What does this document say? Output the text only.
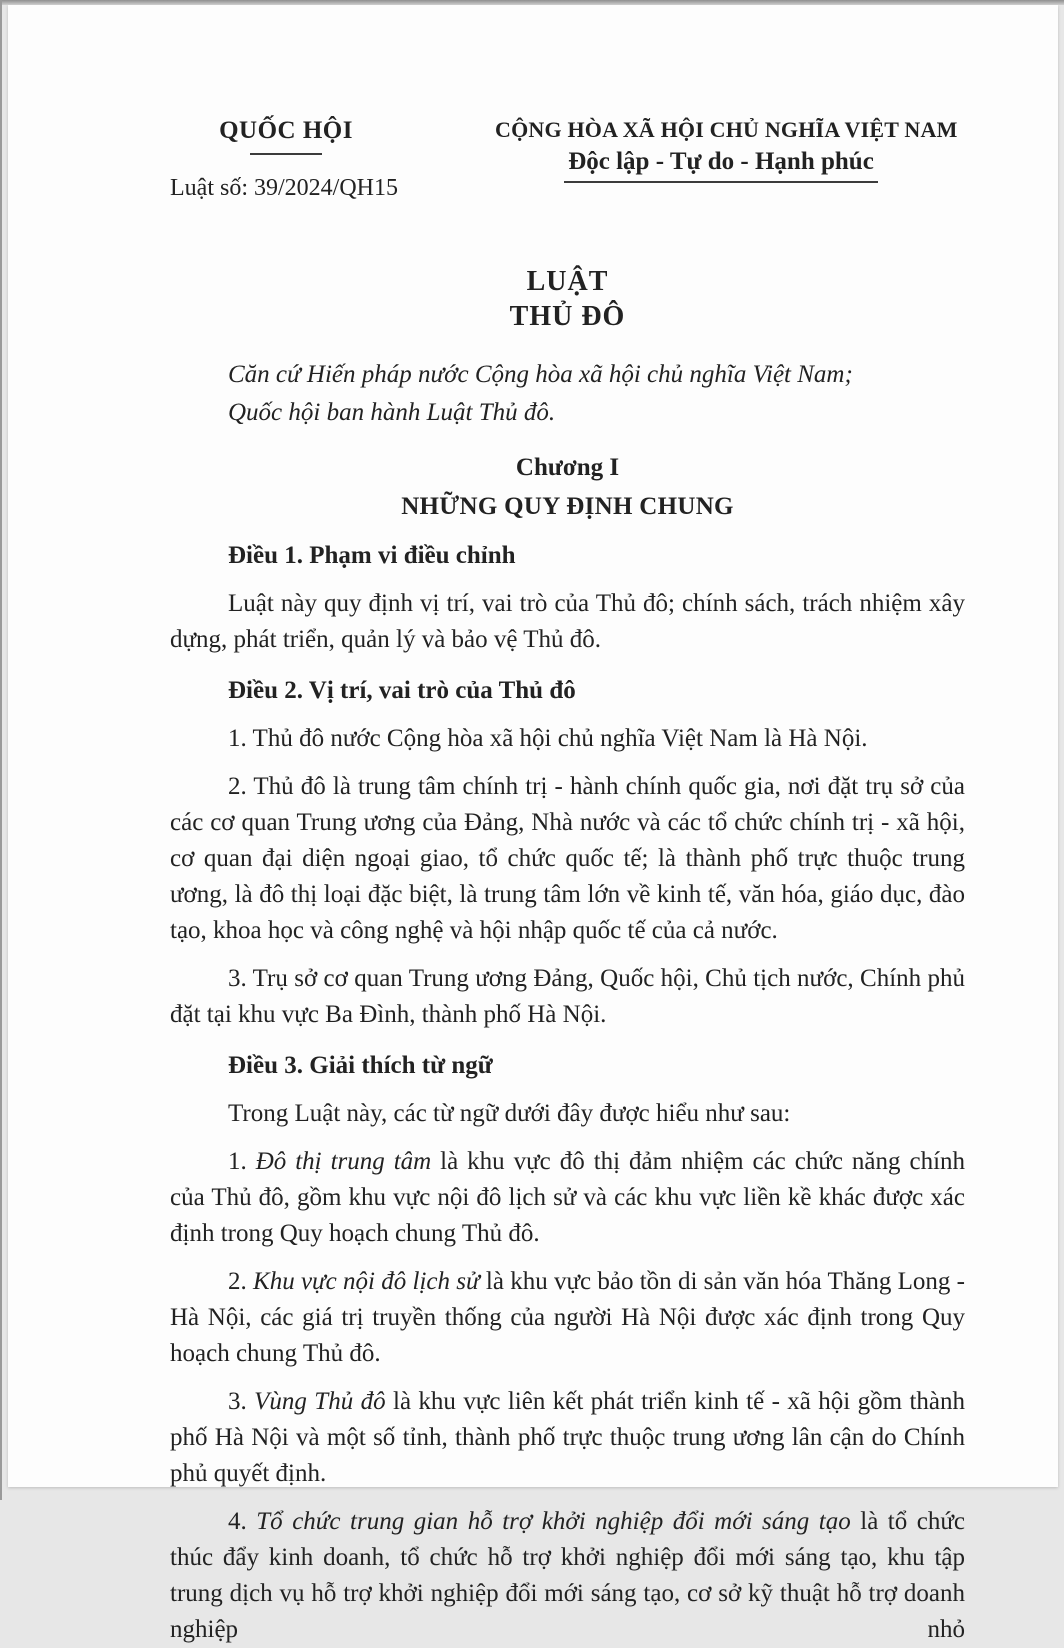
QUỐC HỘI
Luật số: 39/2024/QH15
CỘNG HÒA XÃ HỘI CHỦ NGHĨA VIỆT NAM
Độc lập - Tự do - Hạnh phúc
LUẬT
THỦ ĐÔ

Căn cứ Hiến pháp nước Cộng hòa xã hội chủ nghĩa Việt Nam;

Quốc hội ban hành Luật Thủ đô.

Chương I
NHỮNG QUY ĐỊNH CHUNG
Điều 1. Phạm vi điều chỉnh

Luật này quy định vị trí, vai trò của Thủ đô; chính sách, trách nhiệm xây dựng, phát triển, quản lý và bảo vệ Thủ đô.

Điều 2. Vị trí, vai trò của Thủ đô

1. Thủ đô nước Cộng hòa xã hội chủ nghĩa Việt Nam là Hà Nội.

2. Thủ đô là trung tâm chính trị - hành chính quốc gia, nơi đặt trụ sở của các cơ quan Trung ương của Đảng, Nhà nước và các tổ chức chính trị - xã hội, cơ quan đại diện ngoại giao, tổ chức quốc tế; là thành phố trực thuộc trung ương, là đô thị loại đặc biệt, là trung tâm lớn về kinh tế, văn hóa, giáo dục, đào tạo, khoa học và công nghệ và hội nhập quốc tế của cả nước.

3. Trụ sở cơ quan Trung ương Đảng, Quốc hội, Chủ tịch nước, Chính phủ đặt tại khu vực Ba Đình, thành phố Hà Nội.

Điều 3. Giải thích từ ngữ

Trong Luật này, các từ ngữ dưới đây được hiểu như sau:

1. Đô thị trung tâm là khu vực đô thị đảm nhiệm các chức năng chính của Thủ đô, gồm khu vực nội đô lịch sử và các khu vực liền kề khác được xác định trong Quy hoạch chung Thủ đô.

2. Khu vực nội đô lịch sử là khu vực bảo tồn di sản văn hóa Thăng Long - Hà Nội, các giá trị truyền thống của người Hà Nội được xác định trong Quy hoạch chung Thủ đô.

3. Vùng Thủ đô là khu vực liên kết phát triển kinh tế - xã hội gồm thành phố Hà Nội và một số tỉnh, thành phố trực thuộc trung ương lân cận do Chính phủ quyết định.

4. Tổ chức trung gian hỗ trợ khởi nghiệp đổi mới sáng tạo là tổ chức thúc đẩy kinh doanh, tổ chức hỗ trợ khởi nghiệp đổi mới sáng tạo, khu tập trung dịch vụ hỗ trợ khởi nghiệp đổi mới sáng tạo, cơ sở kỹ thuật hỗ trợ doanh nghiệp nhỏ
